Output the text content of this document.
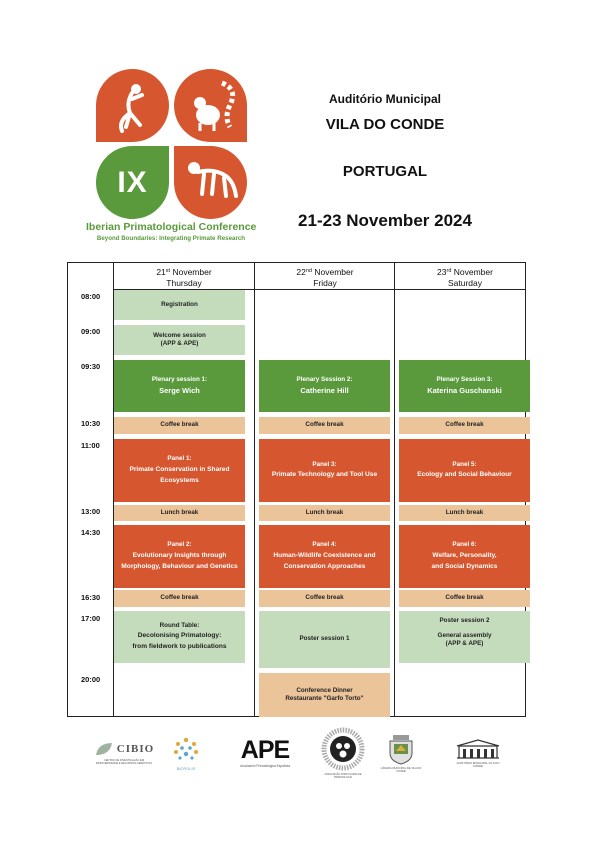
IX
Iberian Primatological Conference
Beyond Boundaries: Integrating Primate Research
Auditório Municipal
VILA DO CONDE
PORTUGAL
21-23 November 2024
21st November
Thursday
22nd November
Friday
23rd November
Saturday
08:00
09:00
09:30
10:30
11:00
13:00
14:30
16:30
17:00
20:00
Registration
Welcome session
(APP & APE)
Plenary session 1:
Serge Wich
Coffee break
Panel 1:
Primate Conservation in Shared
Ecosystems
Lunch break
Panel 2:
Evolutionary Insights through
Morphology, Behaviour and Genetics
Coffee break
Round Table:
Decolonising Primatology:
from fieldwork to publications
Plenary Session 2:
Catherine Hill
Coffee break
Panel 3:
Primate Technology and Tool Use
Lunch break
Panel 4:
Human-Wildlife Coexistence and
Conservation Approaches
Coffee break
Poster session 1
Conference Dinner
Restaurante "Garfo Torto"
Plenary Session 3:
Katerina Guschanski
Coffee break
Panel 5:
Ecology and Social Behaviour
Lunch break
Panel 6:
Welfare, Personality,
and Social Dynamics
Coffee break
Poster session 2
General assembly
(APP & APE)
CIBIO
CENTRO DE INVESTIGAÇÃO EM BIODIVERSIDADE E RECURSOS GENÉTICOS
BIOPOLIS
APE
Asociación Primatológica Española
ASSOCIAÇÃO PORTUGUESA DE PRIMATOLOGIA
CÂMARA MUNICIPAL DE VILA DO CONDE
AUDITÓRIO MUNICIPAL VILA DO CONDE
